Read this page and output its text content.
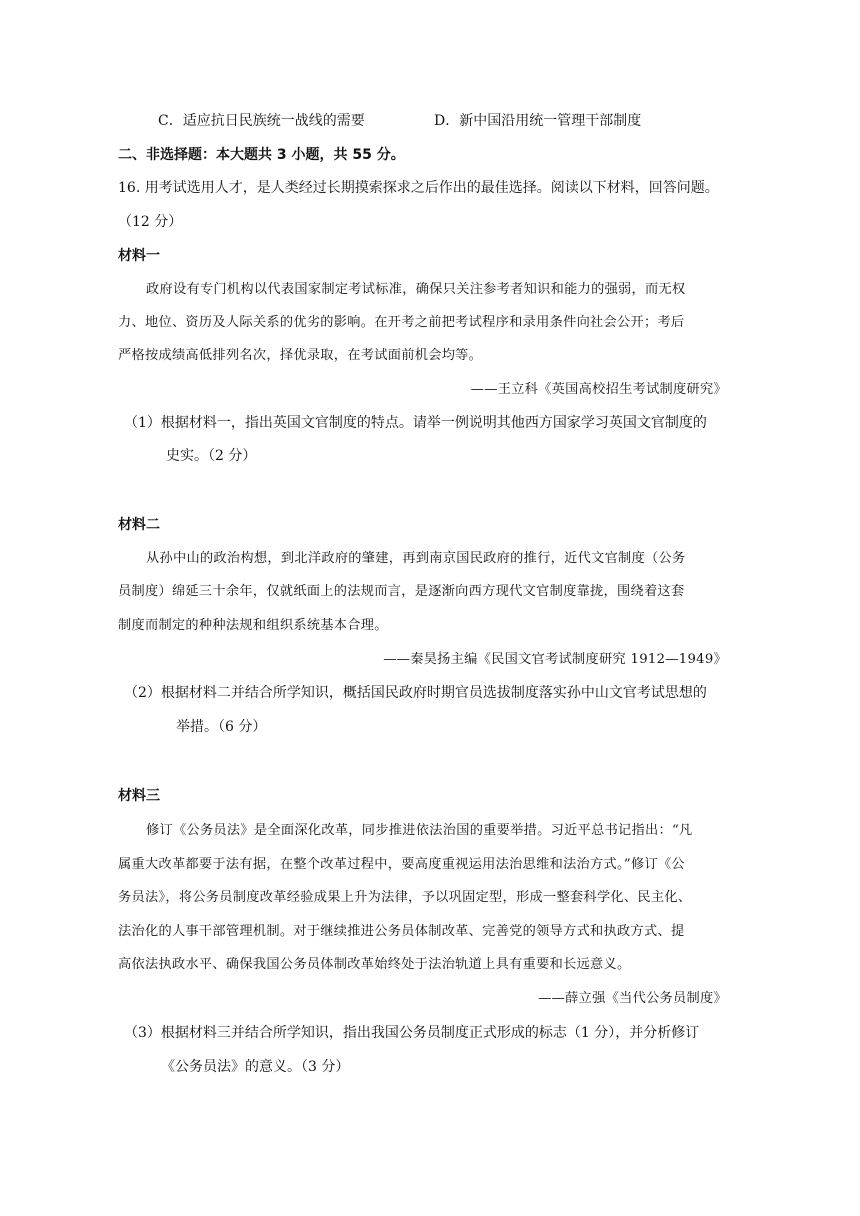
C．适应抗日民族统一战线的需要	D．新中国沿用统一管理干部制度
二、非选择题：本大题共 3 小题，共 55 分。
16. 用考试选用人才，是人类经过长期摸索探求之后作出的最佳选择。阅读以下材料，回答问题。
（12 分）
材料一
政府设有专门机构以代表国家制定考试标准，确保只关注参考者知识和能力的强弱，而无权
力、地位、资历及人际关系的优劣的影响。在开考之前把考试程序和录用条件向社会公开；考后
严格按成绩高低排列名次，择优录取，在考试面前机会均等。
——王立科《英国高校招生考试制度研究》
（1）根据材料一，指出英国文官制度的特点。请举一例说明其他西方国家学习英国文官制度的
史实。（2 分）
材料二
从孙中山的政治构想，到北洋政府的肇建，再到南京国民政府的推行，近代文官制度（公务
员制度）绵延三十余年，仅就纸面上的法规而言，是逐渐向西方现代文官制度靠拢，围绕着这套
制度而制定的种种法规和组织系统基本合理。
——秦昊扬主编《民国文官考试制度研究 1912—1949》
（2）根据材料二并结合所学知识，概括国民政府时期官员选拔制度落实孙中山文官考试思想的
举措。（6 分）
材料三
修订《公务员法》是全面深化改革，同步推进依法治国的重要举措。习近平总书记指出：“凡
属重大改革都要于法有据，在整个改革过程中，要高度重视运用法治思维和法治方式。”修订《公
务员法》，将公务员制度改革经验成果上升为法律，予以巩固定型，形成一整套科学化、民主化、
法治化的人事干部管理机制。对于继续推进公务员体制改革、完善党的领导方式和执政方式、提
高依法执政水平、确保我国公务员体制改革始终处于法治轨道上具有重要和长远意义。
——薛立强《当代公务员制度》
（3）根据材料三并结合所学知识，指出我国公务员制度正式形成的标志（1 分），并分析修订
《公务员法》的意义。（3 分）
